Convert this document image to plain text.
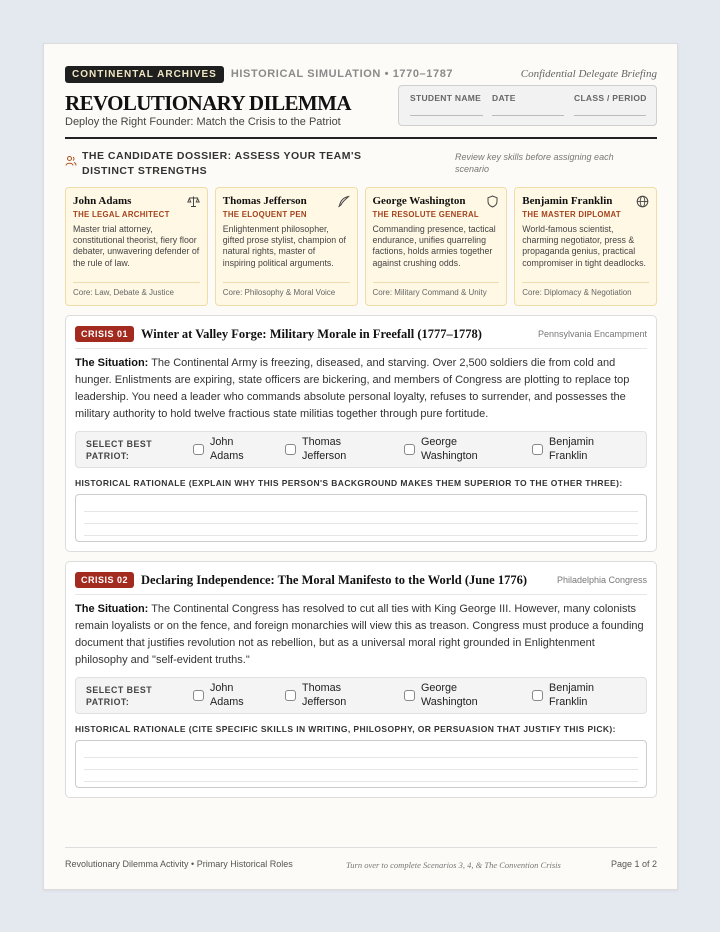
CONTINENTAL ARCHIVES	HISTORICAL SIMULATION • 1770–1787	Confidential Delegate Briefing
REVOLUTIONARY DILEMMA
Deploy the Right Founder: Match the Crisis to the Patriot
STUDENT NAME DATE	CLASS / PERIOD
THE CANDIDATE DOSSIER: ASSESS YOUR TEAM'S DISTINCT STRENGTHS
Review key skills before assigning each scenario
John Adams
THE LEGAL ARCHITECT
Master trial attorney, constitutional theorist, fiery floor debater, unwavering defender of the rule of law.
Core: Law, Debate & Justice
Thomas Jefferson
THE ELOQUENT PEN
Enlightenment philosopher, gifted prose stylist, champion of natural rights, master of inspiring political arguments.
Core: Philosophy & Moral Voice
George Washington
THE RESOLUTE GENERAL
Commanding presence, tactical endurance, unifies quarreling factions, holds armies together against crushing odds.
Core: Military Command & Unity
Benjamin Franklin
THE MASTER DIPLOMAT
World-famous scientist, charming negotiator, press & propaganda genius, practical compromiser in tight deadlocks.
Core: Diplomacy & Negotiation
CRISIS 01	Winter at Valley Forge: Military Morale in Freefall (1777–1778)	Pennsylvania Encampment
The Situation: The Continental Army is freezing, diseased, and starving. Over 2,500 soldiers die from cold and hunger. Enlistments are expiring, state officers are bickering, and members of Congress are plotting to replace top leadership. You need a leader who commands absolute personal loyalty, refuses to surrender, and possesses the military authority to hold twelve fractious state militias together through pure fortitude.
SELECT BEST PATRIOT:
John Adams
Thomas Jefferson
George Washington
Benjamin Franklin
HISTORICAL RATIONALE (EXPLAIN WHY THIS PERSON'S BACKGROUND MAKES THEM SUPERIOR TO THE OTHER THREE):
CRISIS 02	Declaring Independence: The Moral Manifesto to the World (June 1776)	Philadelphia Congress
The Situation: The Continental Congress has resolved to cut all ties with King George III. However, many colonists remain loyalists or on the fence, and foreign monarchies will view this as treason. Congress must produce a founding document that justifies revolution not as rebellion, but as a universal moral right grounded in Enlightenment philosophy and "self-evident truths."
SELECT BEST PATRIOT:
John Adams
Thomas Jefferson
George Washington
Benjamin Franklin
HISTORICAL RATIONALE (CITE SPECIFIC SKILLS IN WRITING, PHILOSOPHY, OR PERSUASION THAT JUSTIFY THIS PICK):
Revolutionary Dilemma Activity • Primary Historical Roles	Turn over to complete Scenarios 3, 4, & The Convention Crisis	Page 1 of 2
